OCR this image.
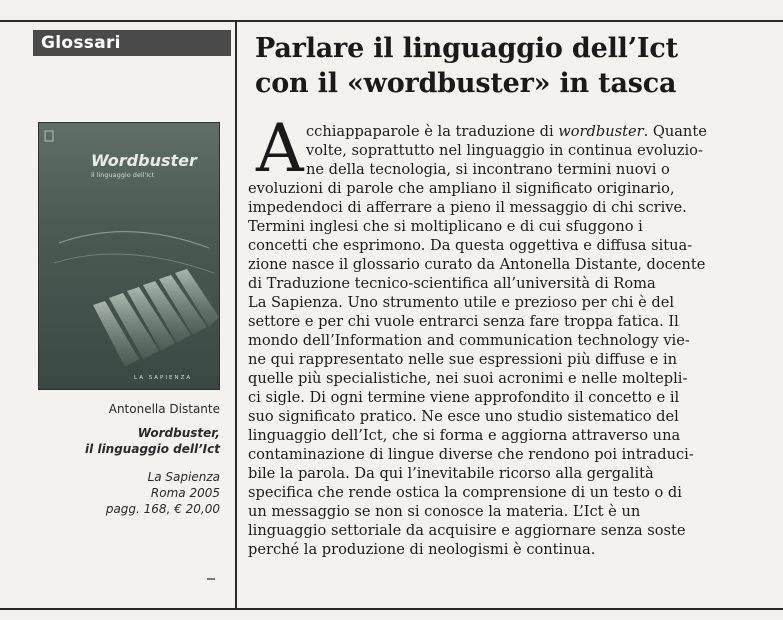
Glossari
Wordbuster
il linguaggio dell'Ict
LA SAPIENZA
Antonella Distante
Wordbuster,
il linguaggio dell’Ict
La Sapienza
Roma 2005
pagg. 168, € 20,00
Parlare il linguaggio dell’Ict
con il «wordbuster» in tasca
A cchiappaparole è la traduzione di wordbuster. Quante
volte, soprattutto nel linguaggio in continua evoluzio-
ne della tecnologia, si incontrano termini nuovi o
evoluzioni di parole che ampliano il significato originario,
impedendoci di afferrare a pieno il messaggio di chi scrive.
Termini inglesi che si moltiplicano e di cui sfuggono i
concetti che esprimono. Da questa oggettiva e diffusa situa-
zione nasce il glossario curato da Antonella Distante, docente
di Traduzione tecnico-scientifica all’università di Roma
La Sapienza. Uno strumento utile e prezioso per chi è del
settore e per chi vuole entrarci senza fare troppa fatica. Il
mondo dell’Information and communication technology vie-
ne qui rappresentato nelle sue espressioni più diffuse e in
quelle più specialistiche, nei suoi acronimi e nelle moltepli-
ci sigle. Di ogni termine viene approfondito il concetto e il
suo significato pratico. Ne esce uno studio sistematico del
linguaggio dell’Ict, che si forma e aggiorna attraverso una
contaminazione di lingue diverse che rendono poi intraduci-
bile la parola. Da qui l’inevitabile ricorso alla gergalità
specifica che rende ostica la comprensione di un testo o di
un messaggio se non si conosce la materia. L’Ict è un
linguaggio settoriale da acquisire e aggiornare senza soste
perché la produzione di neologismi è continua.
